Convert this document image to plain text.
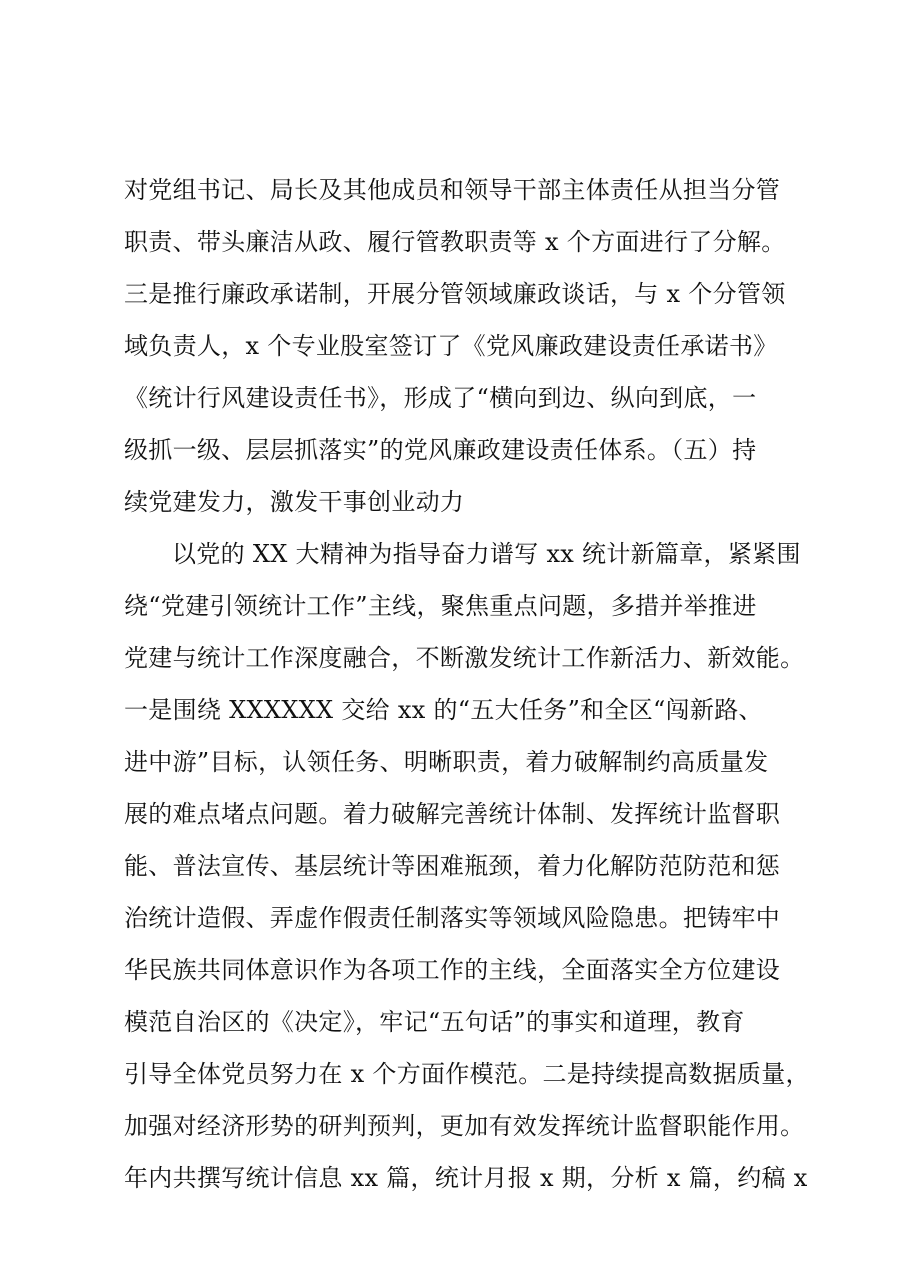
对党组书记、局长及其他成员和领导干部主体责任从担当分管
职责、带头廉洁从政、履行管教职责等 x 个方面进行了分解。
三是推行廉政承诺制，开展分管领域廉政谈话，与 x 个分管领
域负责人，x 个专业股室签订了《党风廉政建设责任承诺书》
《统计行风建设责任书》，形成了“横向到边、纵向到底，一
级抓一级、层层抓落实”的党风廉政建设责任体系。（五）持
续党建发力，激发干事创业动力
以党的 XX 大精神为指导奋力谱写 xx 统计新篇章，紧紧围
绕“党建引领统计工作”主线，聚焦重点问题，多措并举推进
党建与统计工作深度融合，不断激发统计工作新活力、新效能。
一是围绕 XXXXXX 交给 xx 的“五大任务”和全区“闯新路、
进中游”目标，认领任务、明晰职责，着力破解制约高质量发
展的难点堵点问题。着力破解完善统计体制、发挥统计监督职
能、普法宣传、基层统计等困难瓶颈，着力化解防范防范和惩
治统计造假、弄虚作假责任制落实等领域风险隐患。把铸牢中
华民族共同体意识作为各项工作的主线，全面落实全方位建设
模范自治区的《决定》，牢记“五句话”的事实和道理，教育
引导全体党员努力在 x 个方面作模范。二是持续提高数据质量，
加强对经济形势的研判预判，更加有效发挥统计监督职能作用。
年内共撰写统计信息 xx 篇，统计月报 x 期，分析 x 篇，约稿 x
